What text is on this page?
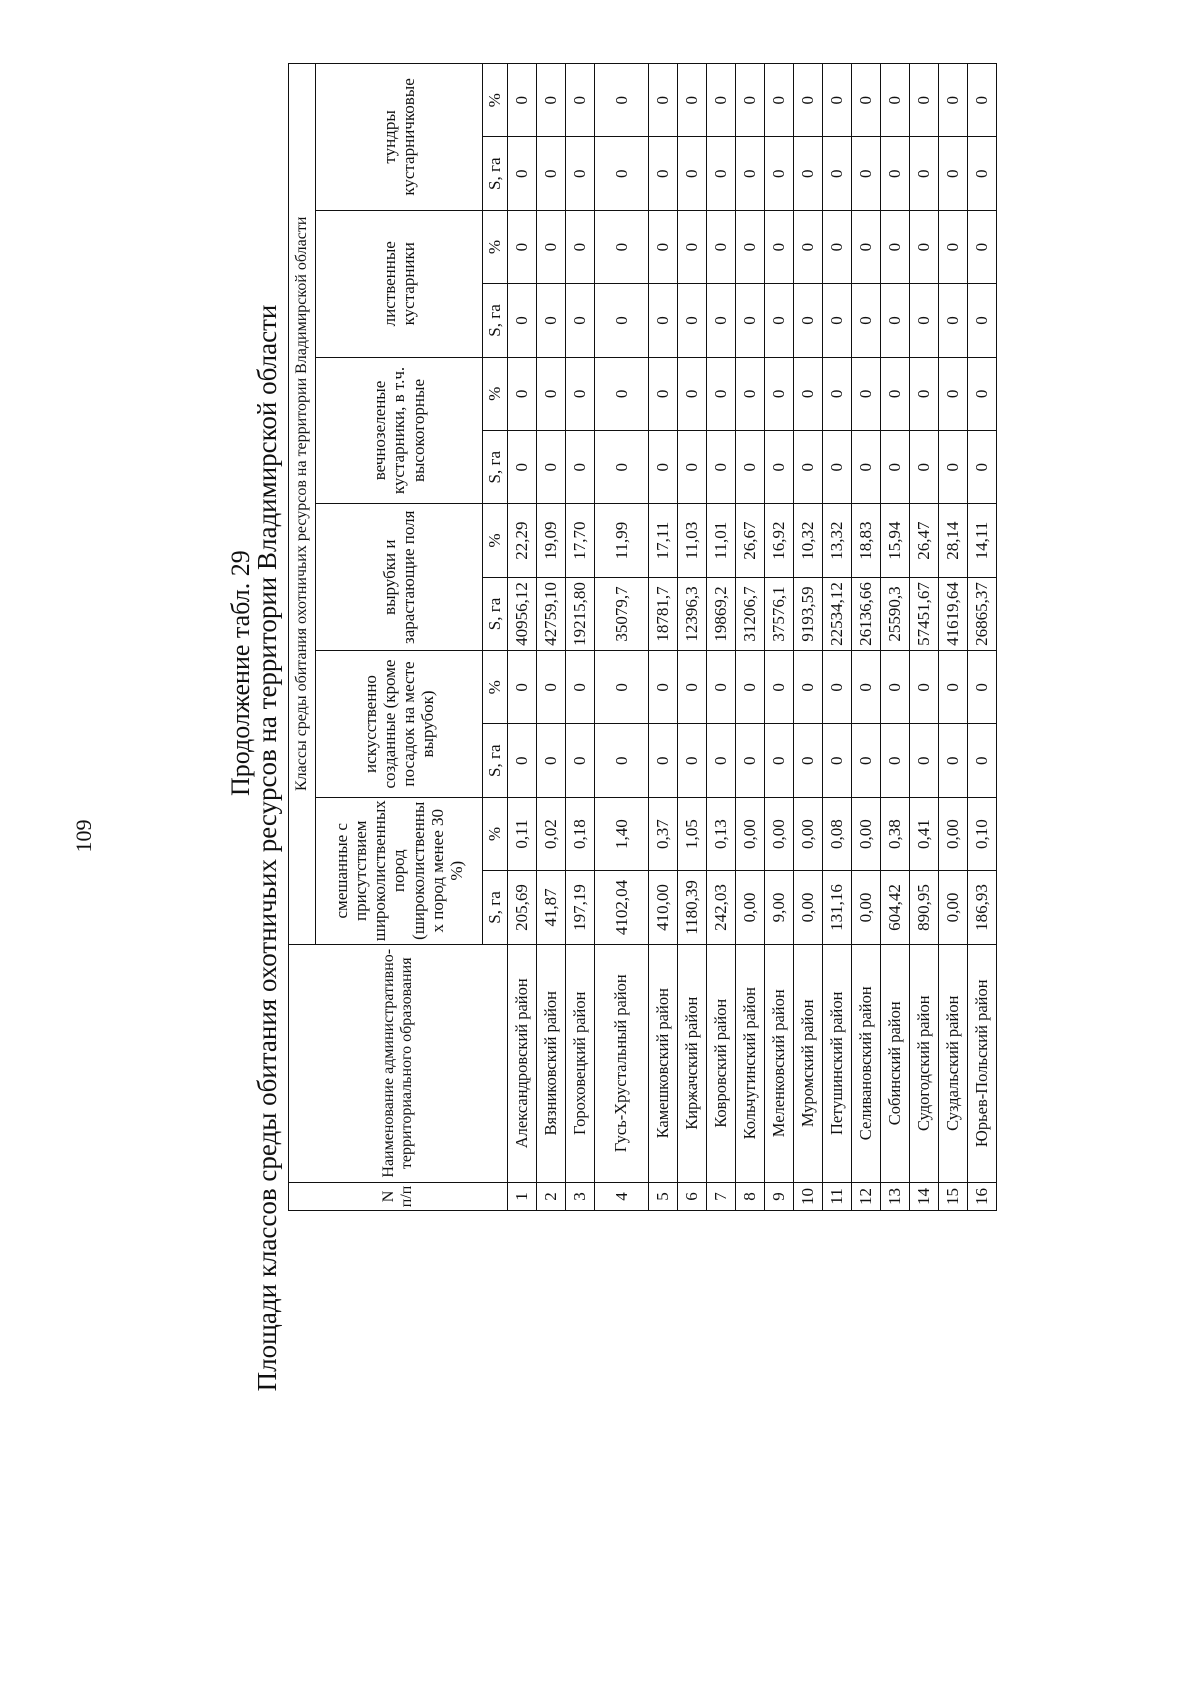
109
Продолжение табл. 29
Площади классов среды обитания охотничьих ресурсов на территории Владимирской области	N п/п	Наименование административно-территориального образования	Классы среды обитания охотничьих ресурсов на территории Владимирской области											
		смешанные с присутствием широколиственных пород (широколиственны х пород менее 30 %)		искусственно созданные (кроме посадок на месте вырубок)		вырубки и зарастающие поля		вечнозеленые кустарники, в т.ч. высокогорные		лиственные кустарники		тундры кустарничковые	
		S, га	%	S, га	%	S, га	%	S, га	%	S, га	%	S, га	%
1	Александровский район	205,69	0,11	0	0	40956,12	22,29	0	0	0	0	0	0
2	Вязниковский район	41,87	0,02	0	0	42759,10	19,09	0	0	0	0	0	0
3	Гороховецкий район	197,19	0,18	0	0	19215,80	17,70	0	0	0	0	0	0
4	Гусь-Хрустальный район	4102,04	1,40	0	0	35079,7	11,99	0	0	0	0	0	0
5	Камешковский район	410,00	0,37	0	0	18781,7	17,11	0	0	0	0	0	0
6	Киржачский район	1180,39	1,05	0	0	12396,3	11,03	0	0	0	0	0	0
7	Ковровский район	242,03	0,13	0	0	19869,2	11,01	0	0	0	0	0	0
8	Кольчугинский район	0,00	0,00	0	0	31206,7	26,67	0	0	0	0	0	0
9	Меленковский район	9,00	0,00	0	0	37576,1	16,92	0	0	0	0	0	0
10	Муромский район	0,00	0,00	0	0	9193,59	10,32	0	0	0	0	0	0
11	Петушинский район	131,16	0,08	0	0	22534,12	13,32	0	0	0	0	0	0
12	Селивановский район	0,00	0,00	0	0	26136,66	18,83	0	0	0	0	0	0
13	Собинский район	604,42	0,38	0	0	25590,3	15,94	0	0	0	0	0	0
14	Судогодский район	890,95	0,41	0	0	57451,67	26,47	0	0	0	0	0	0
15	Суздальский район	0,00	0,00	0	0	41619,64	28,14	0	0	0	0	0	0
16	Юрьев-Польский район	186,93	0,10	0	0	26865,37	14,11	0	0	0	0	0	0
